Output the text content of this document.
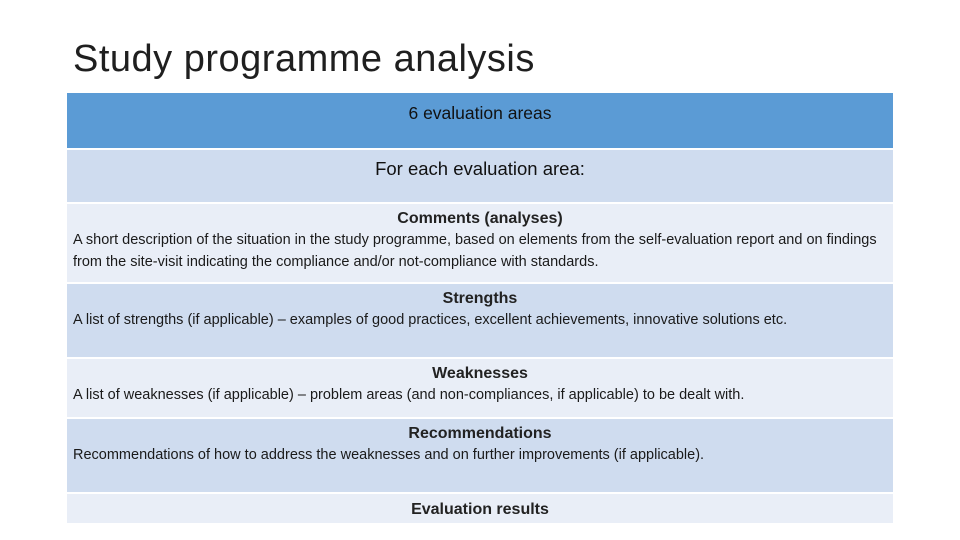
Study programme analysis
6 evaluation areas
For each evaluation area:
Comments (analyses)
A short description of the situation in the study programme, based on elements from the self-evaluation report and on findings from the site-visit indicating the compliance and/or not-compliance with standards.
Strengths
A list of strengths (if applicable) – examples of good practices, excellent achievements, innovative solutions etc.
Weaknesses
A list of weaknesses (if applicable) – problem areas (and non-compliances, if applicable) to be dealt with.
Recommendations
Recommendations of how to address the weaknesses and on further improvements (if applicable).
Evaluation results
